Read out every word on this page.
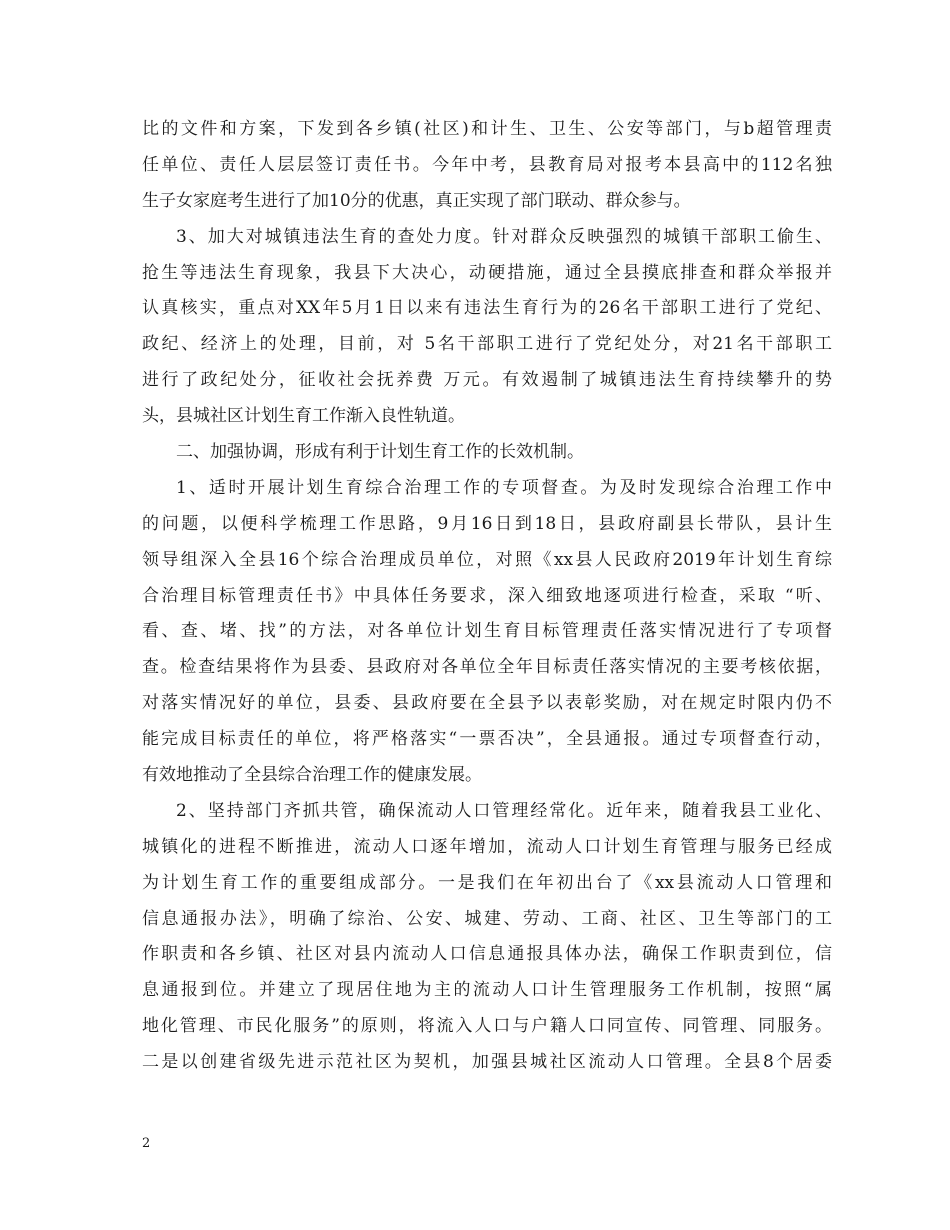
比的文件和方案，下发到各乡镇(社区)和计生、卫生、公安等部门，与b超管理责
任单位、责任人层层签订责任书。今年中考，县教育局对报考本县高中的112名独
生子女家庭考生进行了加10分的优惠，真正实现了部门联动、群众参与。
3、加大对城镇违法生育的查处力度。针对群众反映强烈的城镇干部职工偷生、
抢生等违法生育现象，我县下大决心，动硬措施，通过全县摸底排查和群众举报并
认真核实，重点对XX年5月1日以来有违法生育行为的26名干部职工进行了党纪、
政纪、经济上的处理，目前，对 5名干部职工进行了党纪处分，对21名干部职工
进行了政纪处分，征收社会抚养费 万元。有效遏制了城镇违法生育持续攀升的势
头，县城社区计划生育工作渐入良性轨道。
二、加强协调，形成有利于计划生育工作的长效机制。
1、适时开展计划生育综合治理工作的专项督查。为及时发现综合治理工作中
的问题，以便科学梳理工作思路，9月16日到18日，县政府副县长带队，县计生
领导组深入全县16个综合治理成员单位，对照《xx县人民政府2019年计划生育综
合治理目标管理责任书》中具体任务要求，深入细致地逐项进行检查，采取 “听、
看、查、堵、找”的方法，对各单位计划生育目标管理责任落实情况进行了专项督
查。检查结果将作为县委、县政府对各单位全年目标责任落实情况的主要考核依据，
对落实情况好的单位，县委、县政府要在全县予以表彰奖励，对在规定时限内仍不
能完成目标责任的单位，将严格落实“一票否决”，全县通报。通过专项督查行动，
有效地推动了全县综合治理工作的健康发展。
2、坚持部门齐抓共管，确保流动人口管理经常化。近年来，随着我县工业化、
城镇化的进程不断推进，流动人口逐年增加，流动人口计划生育管理与服务已经成
为计划生育工作的重要组成部分。一是我们在年初出台了《xx县流动人口管理和
信息通报办法》，明确了综治、公安、城建、劳动、工商、社区、卫生等部门的工
作职责和各乡镇、社区对县内流动人口信息通报具体办法，确保工作职责到位，信
息通报到位。并建立了现居住地为主的流动人口计生管理服务工作机制，按照“属
地化管理、市民化服务”的原则，将流入人口与户籍人口同宣传、同管理、同服务。
二是以创建省级先进示范社区为契机，加强县城社区流动人口管理。全县8个居委
2
